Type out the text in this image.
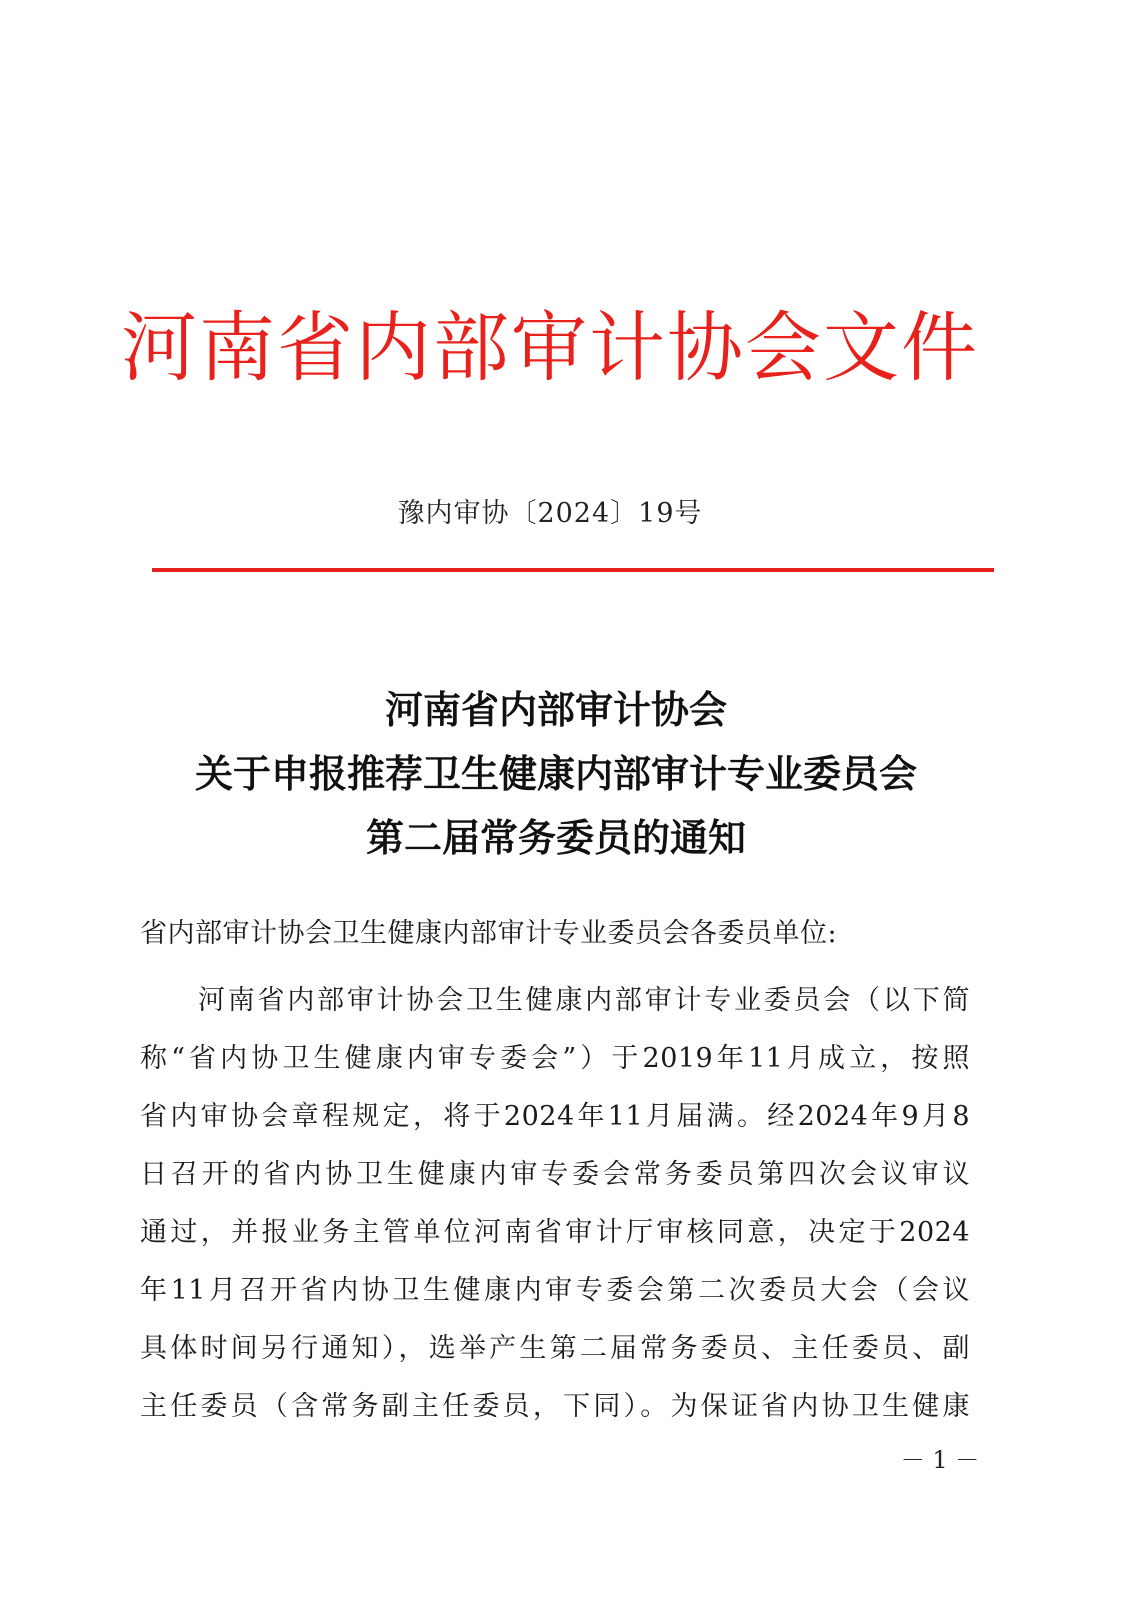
河南省内部审计协会文件
豫内审协〔2024〕19号
河南省内部审计协会
关于申报推荐卫生健康内部审计专业委员会
第二届常务委员的通知
省内部审计协会卫生健康内部审计专业委员会各委员单位:
河南省内部审计协会卫生健康内部审计专业委员会（以下简
称“省内协卫生健康内审专委会”）于2019年11月成立，按照
省内审协会章程规定，将于2024年11月届满。经2024年9月8
日召开的省内协卫生健康内审专委会常务委员第四次会议审议
通过，并报业务主管单位河南省审计厅审核同意，决定于2024
年11月召开省内协卫生健康内审专委会第二次委员大会（会议
具体时间另行通知），选举产生第二届常务委员、主任委员、副
主任委员（含常务副主任委员，下同）。为保证省内协卫生健康
－ 1 －
